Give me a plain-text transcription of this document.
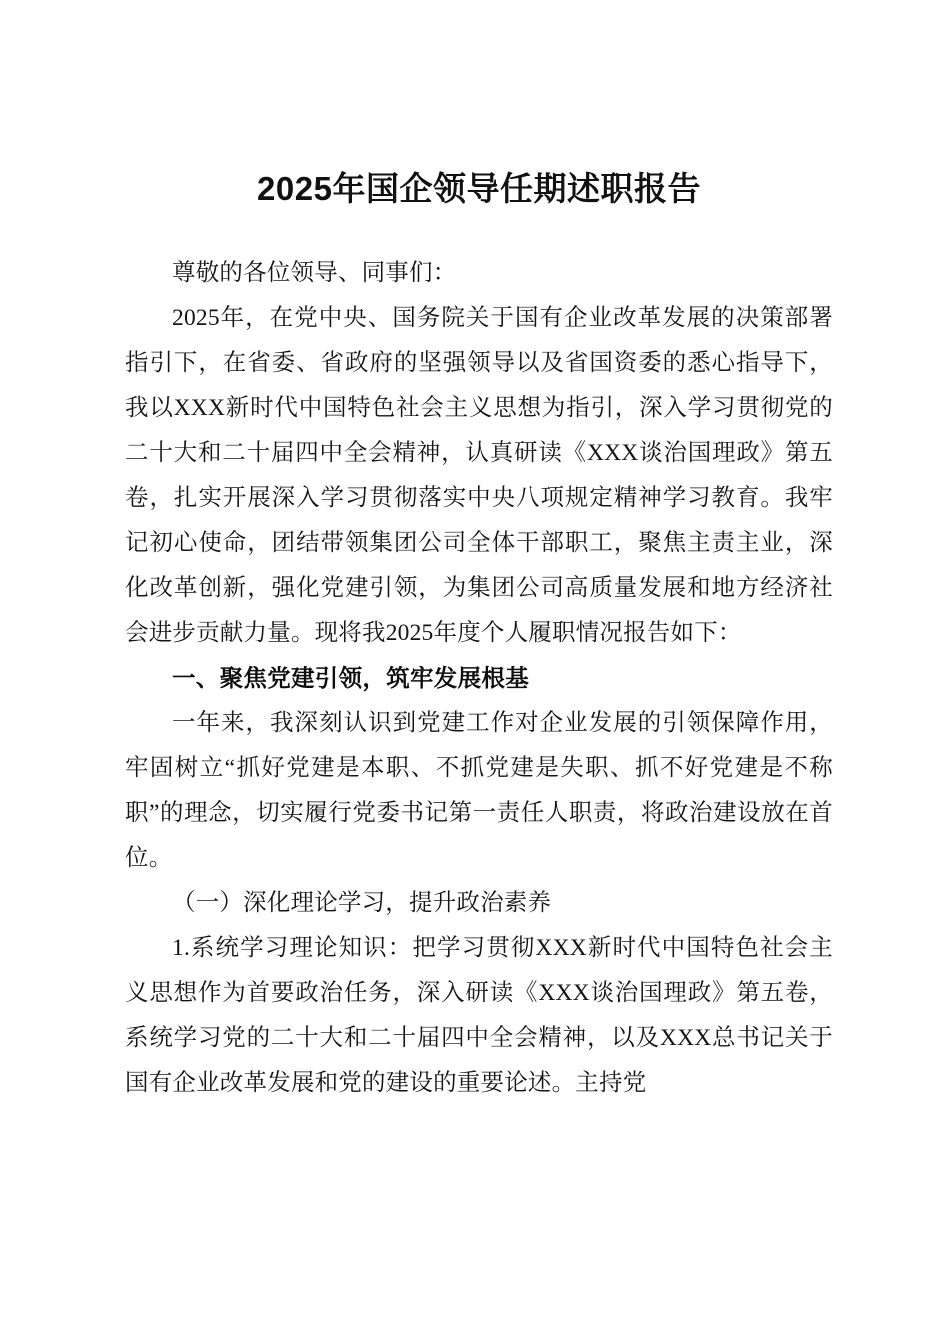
2025年国企领导任期述职报告

尊敬的各位领导、同事们：

2025年，在党中央、国务院关于国有企业改革发展的决策部署指引下，在省委、省政府的坚强领导以及省国资委的悉心指导下，我以XXX新时代中国特色社会主义思想为指引，深入学习贯彻党的二十大和二十届四中全会精神，认真研读《XXX谈治国理政》第五卷，扎实开展深入学习贯彻落实中央八项规定精神学习教育。我牢记初心使命，团结带领集团公司全体干部职工，聚焦主责主业，深化改革创新，强化党建引领，为集团公司高质量发展和地方经济社会进步贡献力量。现将我2025年度个人履职情况报告如下：

一、聚焦党建引领，筑牢发展根基

一年来，我深刻认识到党建工作对企业发展的引领保障作用，牢固树立“抓好党建是本职、不抓党建是失职、抓不好党建是不称职”的理念，切实履行党委书记第一责任人职责，将政治建设放在首位。

（一）深化理论学习，提升政治素养

1.系统学习理论知识：把学习贯彻XXX新时代中国特色社会主义思想作为首要政治任务，深入研读《XXX谈治国理政》第五卷，系统学习党的二十大和二十届四中全会精神，以及XXX总书记关于国有企业改革发展和党的建设的重要论述。主持党
